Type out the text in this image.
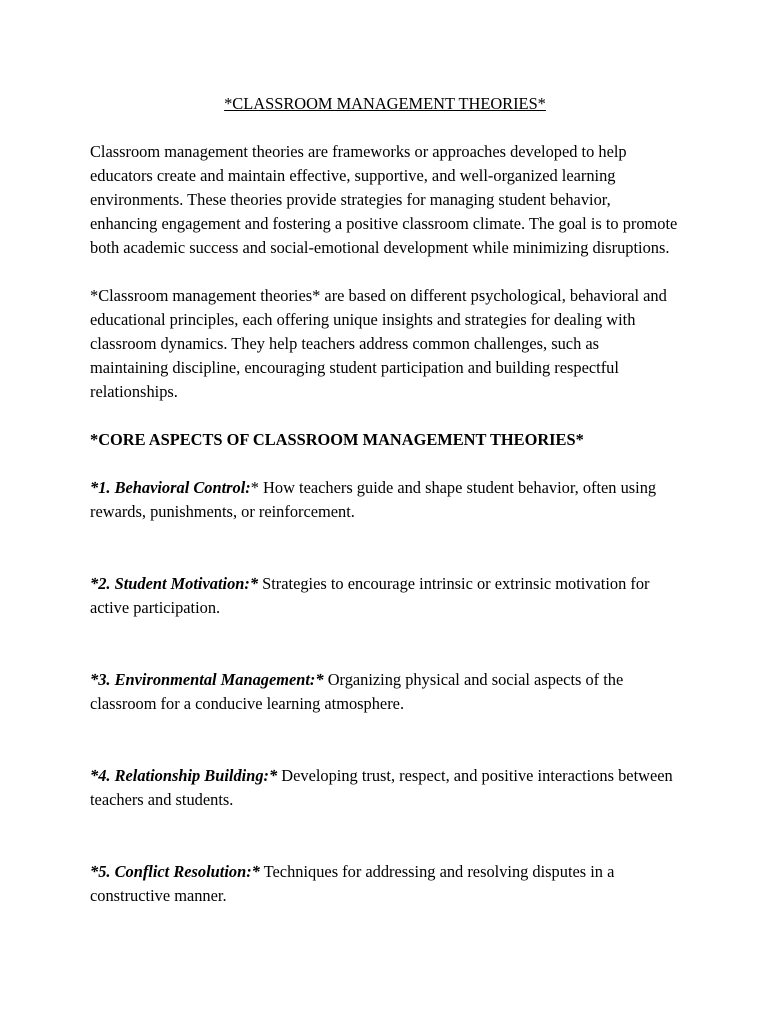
*CLASSROOM MANAGEMENT THEORIES*

Classroom management theories are frameworks or approaches developed to help educators create and maintain effective, supportive, and well-organized learning environments. These theories provide strategies for managing student behavior, enhancing engagement and fostering a positive classroom climate. The goal is to promote both academic success and social-emotional development while minimizing disruptions.

*Classroom management theories* are based on different psychological, behavioral and educational principles, each offering unique insights and strategies for dealing with classroom dynamics. They help teachers address common challenges, such as maintaining discipline, encouraging student participation and building respectful relationships.

*CORE ASPECTS OF CLASSROOM MANAGEMENT THEORIES*
*1. Behavioral Control:* How teachers guide and shape student behavior, often using rewards, punishments, or reinforcement.
*2. Student Motivation:* Strategies to encourage intrinsic or extrinsic motivation for active participation.
*3. Environmental Management:* Organizing physical and social aspects of the classroom for a conducive learning atmosphere.
*4. Relationship Building:* Developing trust, respect, and positive interactions between teachers and students.
*5. Conflict Resolution:* Techniques for addressing and resolving disputes in a constructive manner.
